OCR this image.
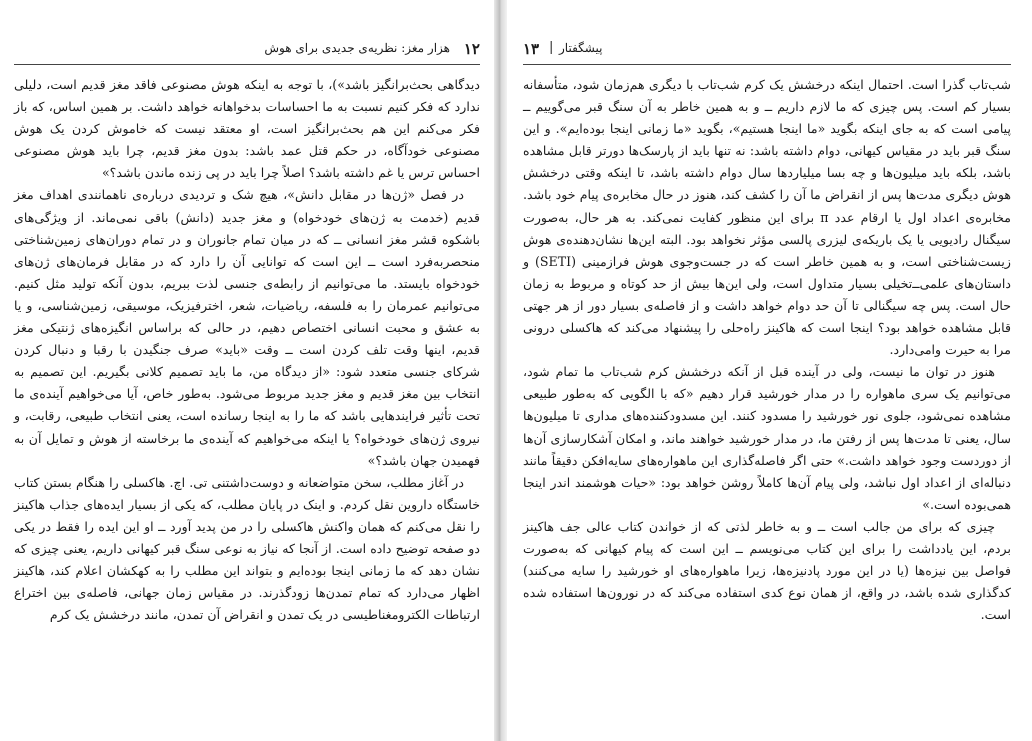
۱۲
هزار مغز: نظریه‌ی جدیدی برای هوش

دیدگاهی بحث‌برانگیز باشد»)، با توجه به اینکه هوش مصنوعی فاقد مغز قدیم است، دلیلی ندارد که فکر کنیم نسبت به ما احساسات بدخواهانه خواهد داشت. بر همین اساس، که باز فکر می‌کنم این هم بحث‌برانگیز است، او معتقد نیست که خاموش کردن یک هوش مصنوعی خودآگاه، در حکم قتل عمد باشد: بدون مغز قدیم، چرا باید هوش مصنوعی احساس ترس یا غم داشته باشد؟ اصلاً چرا باید در پی زنده ماندن باشد؟»

در فصل «ژن‌ها در مقابل دانش»، هیچ شک و تردیدی درباره‌ی ناهمانندی اهداف مغز قدیم (خدمت به ژن‌های خودخواه) و مغز جدید (دانش) باقی نمی‌ماند. از ویژگی‌های باشکوه قشر مغز انسانی ــ که در میان تمام جانوران و در تمام دوران‌های زمین‌شناختی منحصربه‌فرد است ــ این است که توانایی آن را دارد که در مقابل فرمان‌های ژن‌های خودخواه بایستد. ما می‌توانیم از رابطه‌ی جنسی لذت ببریم، بدون آنکه تولید مثل کنیم. می‌توانیم عمرمان را به فلسفه، ریاضیات، شعر، اخترفیزیک، موسیقی، زمین‌شناسی، و یا به عشق و محبت انسانی اختصاص دهیم، در حالی که براساس انگیزه‌های ژنتیکی مغز قدیم، اینها وقت تلف کردن است ــ وقت «باید» صرف جنگیدن با رقبا و دنبال کردن شرکای جنسی متعدد شود: «از دیدگاه من، ما باید تصمیم کلانی بگیریم. این تصمیم به انتخاب بین مغز قدیم و مغز جدید مربوط می‌شود. به‌طور خاص، آیا می‌خواهیم آینده‌ی ما تحت تأثیر فرایندهایی باشد که ما را به اینجا رسانده است، یعنی انتخاب طبیعی، رقابت، و نیروی ژن‌های خودخواه؟ یا اینکه می‌خواهیم که آینده‌ی ما برخاسته از هوش و تمایل آن به فهمیدن جهان باشد؟»

در آغاز مطلب، سخن متواضعانه و دوست‌داشتنی تی. اچ. هاکسلی را هنگام بستن کتاب خاستگاه داروین نقل کردم. و اینک در پایان مطلب، که یکی از بسیار ایده‌های جذاب هاکینز را نقل می‌کنم که همان واکنش هاکسلی را در من پدید آورد ــ او این ایده را فقط در یکی دو صفحه توضیح داده است. از آنجا که نیاز به نوعی سنگ قبر کیهانی داریم، یعنی چیزی که نشان دهد که ما زمانی اینجا بوده‌ایم و بتواند این مطلب را به کهکشان اعلام کند، هاکینز اظهار می‌دارد که تمام تمدن‌ها زودگذرند. در مقیاس زمان جهانی، فاصله‌ی بین اختراع ارتباطات الکترومغناطیسی در یک تمدن و انقراض آن تمدن، مانند درخشش یک کرم

پیشگفتار
|
۱۳

شب‌تاب گذرا است. احتمال اینکه درخشش یک کرم شب‌تاب با دیگری هم‌زمان شود، متأسفانه بسیار کم است. پس چیزی که ما لازم داریم ــ و به همین خاطر به آن سنگ قبر می‌گوییم ــ پیامی است که به جای اینکه بگوید «ما اینجا هستیم»، بگوید «ما زمانی اینجا بوده‌ایم». و این سنگ قبر باید در مقیاس کیهانی، دوام داشته باشد: نه تنها باید از پارسک‌ها دورتر قابل مشاهده باشد، بلکه باید میلیون‌ها و چه بسا میلیاردها سال دوام داشته باشد، تا اینکه وقتی درخشش هوش دیگری مدت‌ها پس از انقراض ما آن را کشف کند، هنوز در حال مخابره‌ی پیام خود باشد. مخابره‌ی اعداد اول یا ارقام عدد π برای این منظور کفایت نمی‌کند. به هر حال، به‌صورت سیگنال رادیویی یا یک باریکه‌ی لیزری پالسی مؤثر نخواهد بود. البته این‌ها نشان‌دهنده‌ی هوش زیست‌شناختی است، و به همین خاطر است که در جست‌وجوی هوش فرازمینی (SETI) و داستان‌های علمی‌ــ‌تخیلی بسیار متداول است، ولی این‌ها بیش از حد کوتاه و مربوط به زمان حال است. پس چه سیگنالی تا آن حد دوام خواهد داشت و از فاصله‌ی بسیار دور از هر جهتی قابل مشاهده خواهد بود؟ اینجا است که هاکینز راه‌حلی را پیشنهاد می‌کند که هاکسلی درونی مرا به حیرت وامی‌دارد.

هنوز در توان ما نیست، ولی در آینده قبل از آنکه درخشش کرم شب‌تاب ما تمام شود، می‌توانیم یک سری ماهواره را در مدار خورشید قرار دهیم «که با الگویی که به‌طور طبیعی مشاهده نمی‌شود، جلوی نور خورشید را مسدود کنند. این مسدودکننده‌های مداری تا میلیون‌ها سال، یعنی تا مدت‌ها پس از رفتن ما، در مدار خورشید خواهند ماند، و امکان آشکارسازی آن‌ها از دوردست وجود خواهد داشت.» حتی اگر فاصله‌گذاری این ماهواره‌های سایه‌افکن دقیقاً مانند دنباله‌ای از اعداد اول نباشد، ولی پیام آن‌ها کاملاً روشن خواهد بود: «حیات هوشمند اندر اینجا همی‌بوده است.»

چیزی که برای من جالب است ــ و به خاطر لذتی که از خواندن کتاب عالی جف هاکینز بردم، این یادداشت را برای این کتاب می‌نویسم ــ این است که پیام کیهانی که به‌صورت فواصل بین نیزه‌ها (یا در این مورد پادنیزه‌ها، زیرا ماهواره‌های او خورشید را سایه می‌کنند) کدگذاری شده باشد، در واقع، از همان نوع کدی استفاده می‌کند که در نورون‌ها استفاده شده است.
